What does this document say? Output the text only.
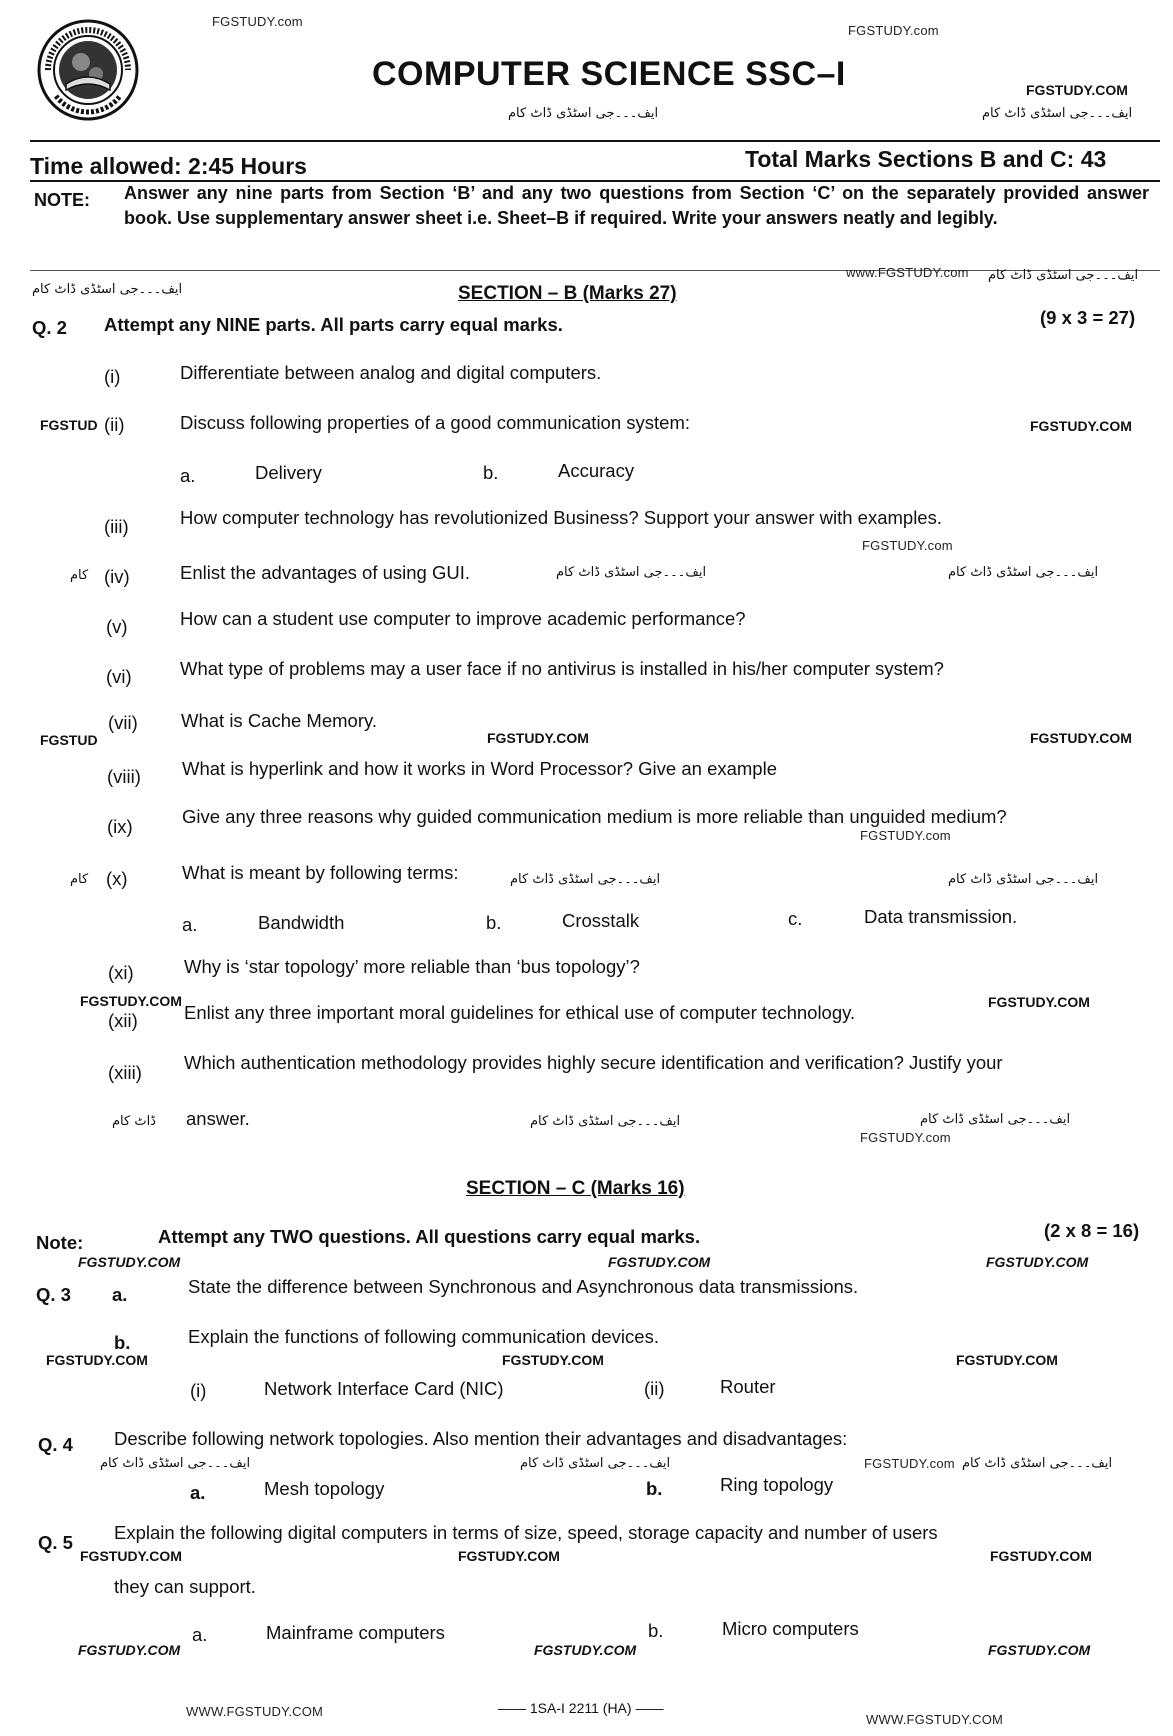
FGSTUDY.com
FGSTUDY.com
COMPUTER SCIENCE SSC–I	FGSTUDY.COM
ایف۔۔۔جی اسٹڈی ڈاٹ کام	ایف۔۔۔جی اسٹڈی ڈاٹ کام
Time allowed: 2:45 Hours	Total Marks Sections B and C: 43
NOTE: Answer any nine parts from Section ‘B’ and any two questions from Section ‘C’ on the separately provided answer book. Use supplementary answer sheet i.e. Sheet–B if required. Write your answers neatly and legibly.
ایف۔۔۔جی اسٹڈی ڈاٹ کام	SECTION – B (Marks 27)
www.FGSTUDY.com ایف۔۔۔جی اسٹڈی ڈاٹ کام
Q. 2 Attempt any NINE parts. All parts carry equal marks.	(9 x 3 = 27)
(i)	Differentiate between analog and digital computers.
FGSTUD (ii)	Discuss following properties of a good communication system:	FGSTUDY.COM
a.	Delivery	b.	Accuracy
(iii)	How computer technology has revolutionized Business? Support your answer with examples.
FGSTUDY.com
کام (iv)	Enlist the advantages of using GUI.	ایف۔۔۔جی اسٹڈی ڈاٹ کام	ایف۔۔۔جی اسٹڈی ڈاٹ کام
(v)	How can a student use computer to improve academic performance?
(vi)	What type of problems may a user face if no antivirus is installed in his/her computer system?
(vii) What is Cache Memory.
FGSTUD	FGSTUDY.COM	FGSTUDY.COM
(viii) What is hyperlink and how it works in Word Processor? Give an example
(ix)	Give any three reasons why guided communication medium is more reliable than unguided medium?
FGSTUDY.com
کام (x)	What is meant by following terms:	ایف۔۔۔جی اسٹڈی ڈاٹ کام	ایف۔۔۔جی اسٹڈی ڈاٹ کام
a.	Bandwidth	b.	Crosstalk	c.	Data transmission.
(xi)	Why is ‘star topology’ more reliable than ‘bus topology’?
FGSTUDY.COM
(xii) Enlist any three important moral guidelines for ethical use of computer technology.	FGSTUDY.COM
(xiii) Which authentication methodology provides highly secure identification and verification? Justify your
ڈاٹ کام answer.	ایف۔۔۔جی اسٹڈی ڈاٹ کام	ایف۔۔۔جی اسٹڈی ڈاٹ کام
FGSTUDY.com
SECTION – C (Marks 16)
Note:	Attempt any TWO questions. All questions carry equal marks.	(2 x 8 = 16)
FGSTUDY.COM	FGSTUDY.COM	FGSTUDY.COM
Q. 3 a.	State the difference between Synchronous and Asynchronous data transmissions.
b.	Explain the functions of following communication devices.
FGSTUDY.COM	FGSTUDY.COM	FGSTUDY.COM
(i)	Network Interface Card (NIC)	(ii)	Router
Q. 4 Describe following network topologies. Also mention their advantages and disadvantages:
ایف۔۔۔جی اسٹڈی ڈاٹ کام	ایف۔۔۔جی اسٹڈی ڈاٹ کام	FGSTUDY.com ایف۔۔۔جی اسٹڈی ڈاٹ کام
a.	Mesh topology	b.	Ring topology
Q. 5 Explain the following digital computers in terms of size, speed, storage capacity and number of users
FGSTUDY.COM	FGSTUDY.COM	FGSTUDY.COM
they can support.
a.	Mainframe computers	b.	Micro computers
FGSTUDY.COM	FGSTUDY.COM	FGSTUDY.COM
WWW.FGSTUDY.COM	—— 1SA-I 2211 (HA) ——
WWW.FGSTUDY.COM
